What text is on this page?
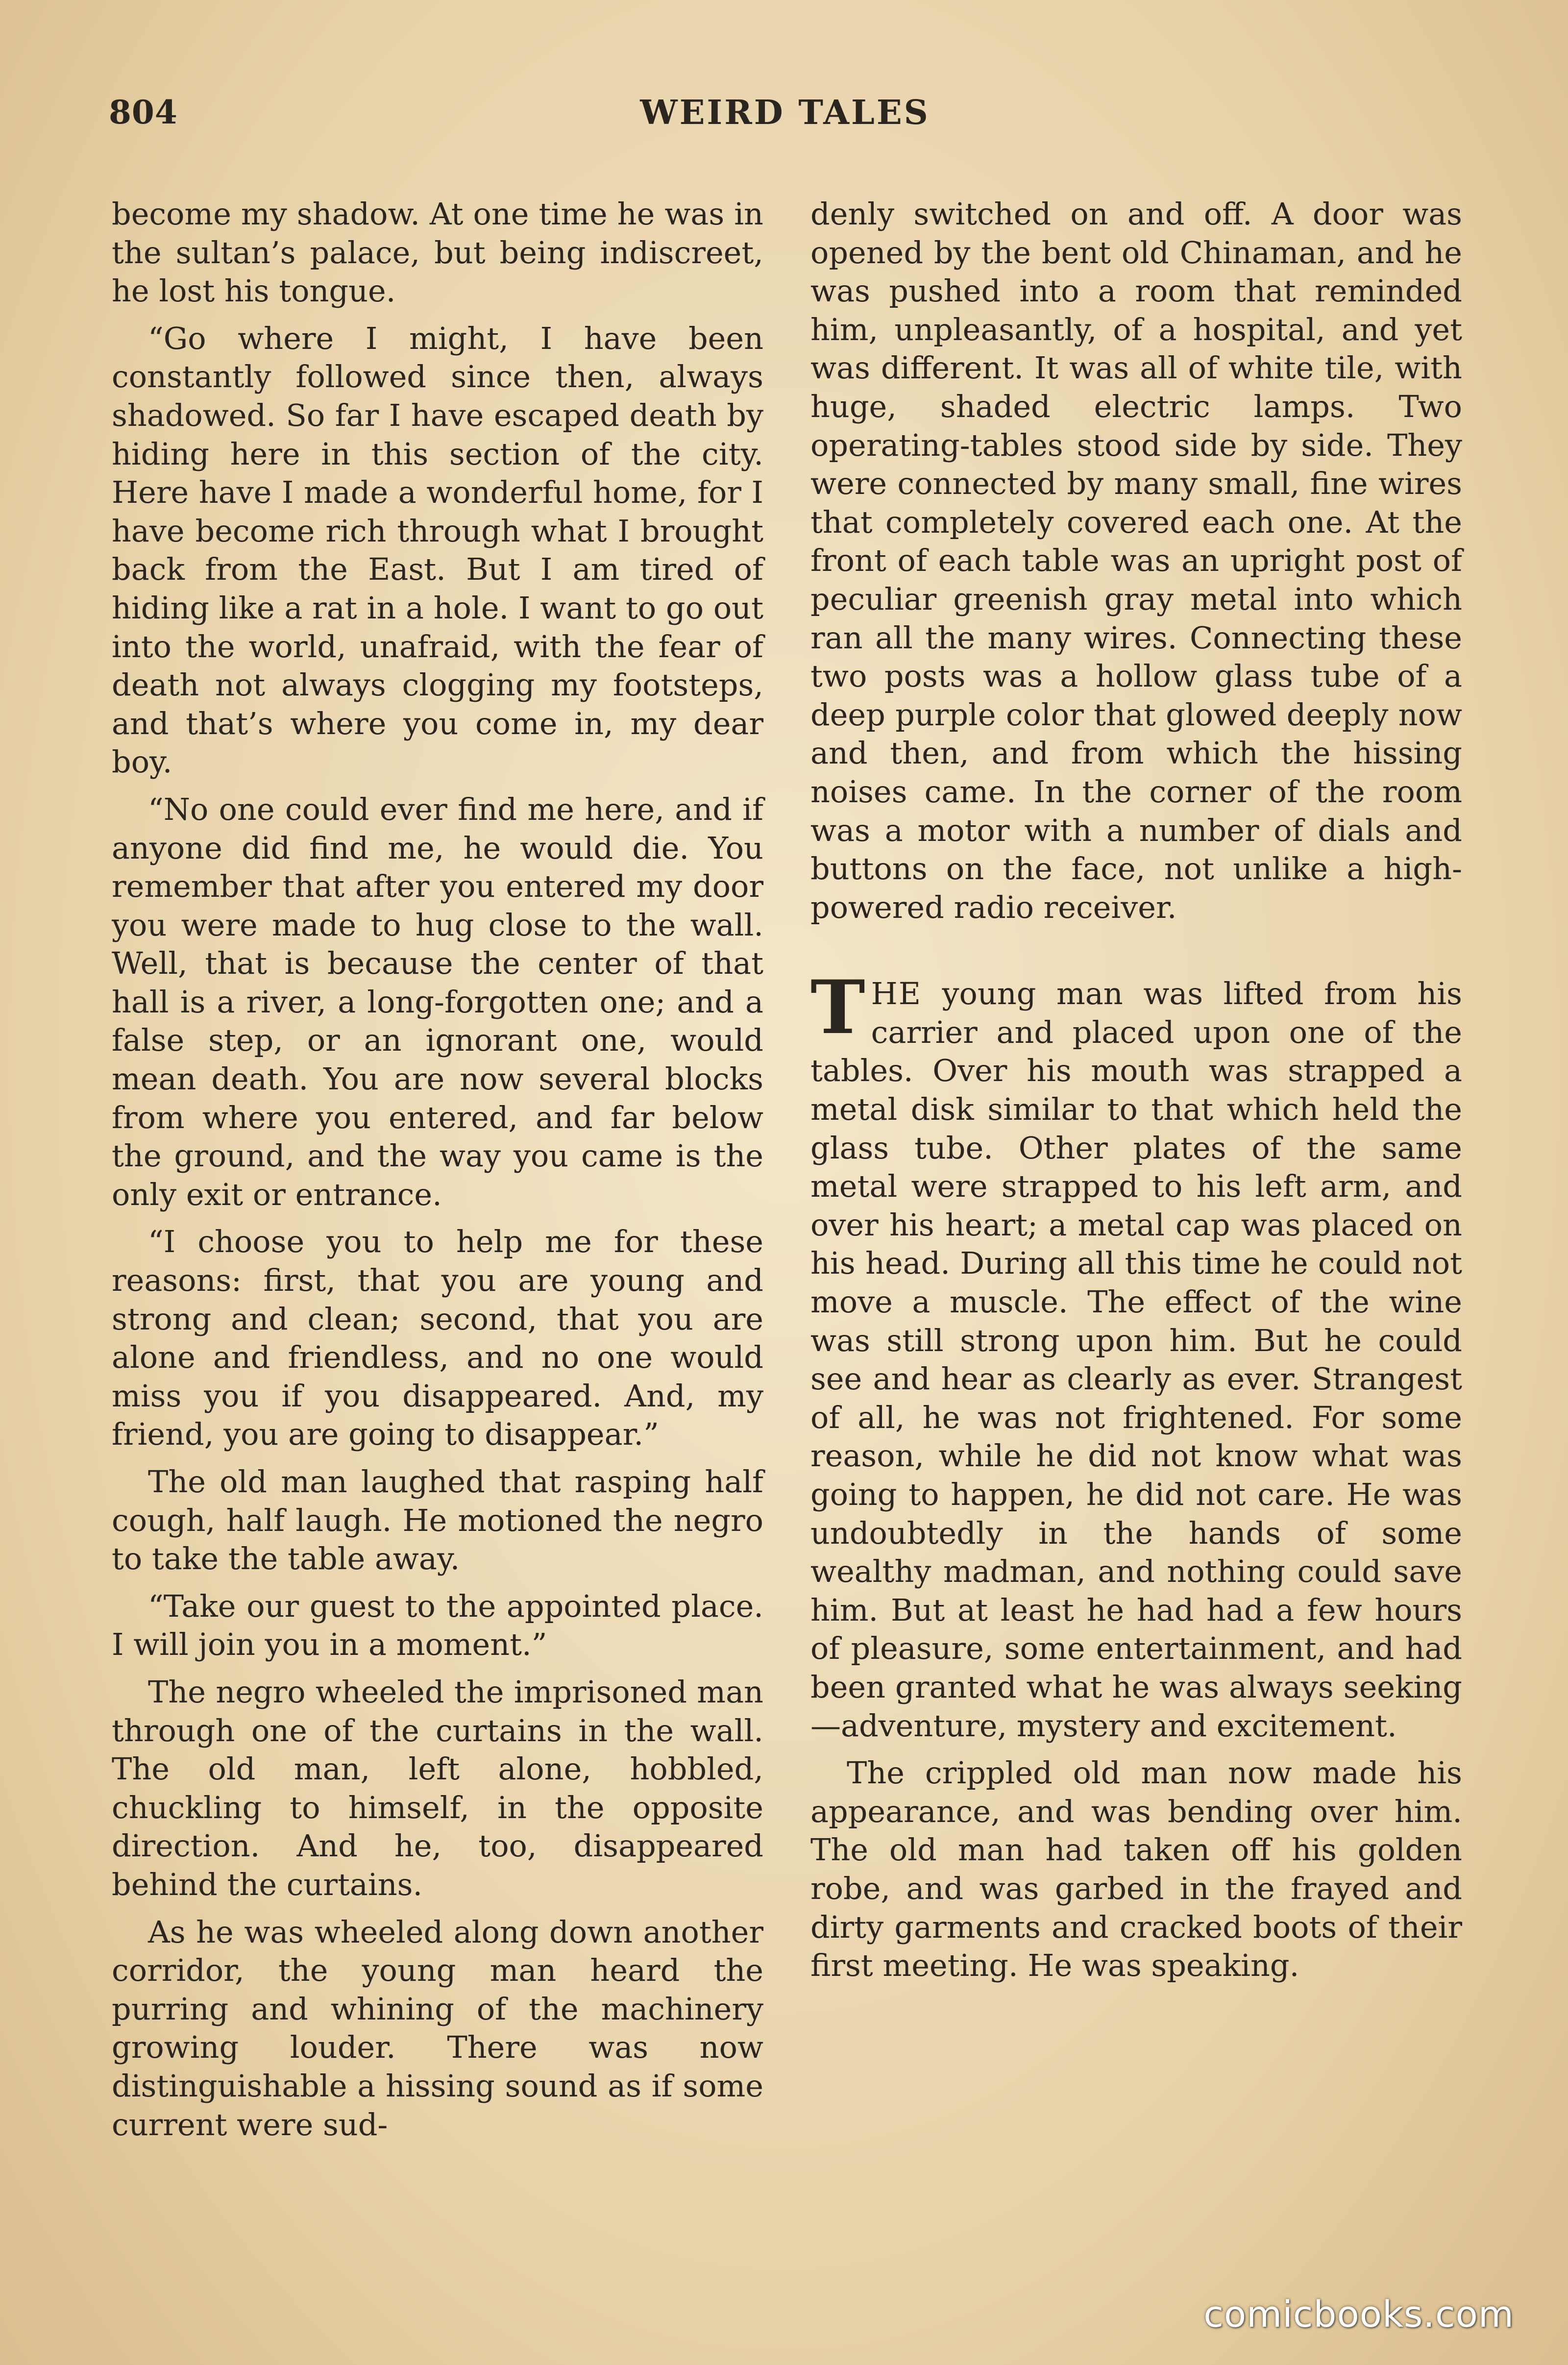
804	WEIRD TALES

become my shadow. At one time he was in the sultan’s palace, but being indiscreet, he lost his tongue.

“Go where I might, I have been constantly followed since then, always shadowed. So far I have escaped death by hiding here in this section of the city. Here have I made a wonderful home, for I have become rich through what I brought back from the East. But I am tired of hiding like a rat in a hole. I want to go out into the world, unafraid, with the fear of death not always clogging my footsteps, and that’s where you come in, my dear boy.

“No one could ever find me here, and if anyone did find me, he would die. You remember that after you entered my door you were made to hug close to the wall. Well, that is because the center of that hall is a river, a long-forgotten one; and a false step, or an ignorant one, would mean death. You are now several blocks from where you entered, and far below the ground, and the way you came is the only exit or entrance.

“I choose you to help me for these reasons: first, that you are young and strong and clean; second, that you are alone and friendless, and no one would miss you if you disappeared. And, my friend, you are going to disappear.”

The old man laughed that rasping half cough, half laugh. He motioned the negro to take the table away.

“Take our guest to the appointed place. I will join you in a moment.”

The negro wheeled the imprisoned man through one of the curtains in the wall. The old man, left alone, hobbled, chuckling to himself, in the opposite direction. And he, too, disappeared behind the curtains.

As he was wheeled along down another corridor, the young man heard the purring and whining of the machinery growing louder. There was now distinguishable a hissing sound as if some current were sud-

denly switched on and off. A door was opened by the bent old Chinaman, and he was pushed into a room that reminded him, unpleasantly, of a hospital, and yet was different. It was all of white tile, with huge, shaded electric lamps. Two operating-tables stood side by side. They were connected by many small, fine wires that completely covered each one. At the front of each table was an upright post of peculiar greenish gray metal into which ran all the many wires. Connecting these two posts was a hollow glass tube of a deep purple color that glowed deeply now and then, and from which the hissing noises came. In the corner of the room was a motor with a number of dials and buttons on the face, not unlike a high-powered radio receiver.

THE young man was lifted from his carrier and placed upon one of the tables. Over his mouth was strapped a metal disk similar to that which held the glass tube. Other plates of the same metal were strapped to his left arm, and over his heart; a metal cap was placed on his head. During all this time he could not move a muscle. The effect of the wine was still strong upon him. But he could see and hear as clearly as ever. Strangest of all, he was not frightened. For some reason, while he did not know what was going to happen, he did not care. He was undoubtedly in the hands of some wealthy madman, and nothing could save him. But at least he had had a few hours of pleasure, some entertainment, and had been granted what he was always seeking—adventure, mystery and excitement.

The crippled old man now made his appearance, and was bending over him. The old man had taken off his golden robe, and was garbed in the frayed and dirty garments and cracked boots of their first meeting. He was speaking.

comicbooks.com
